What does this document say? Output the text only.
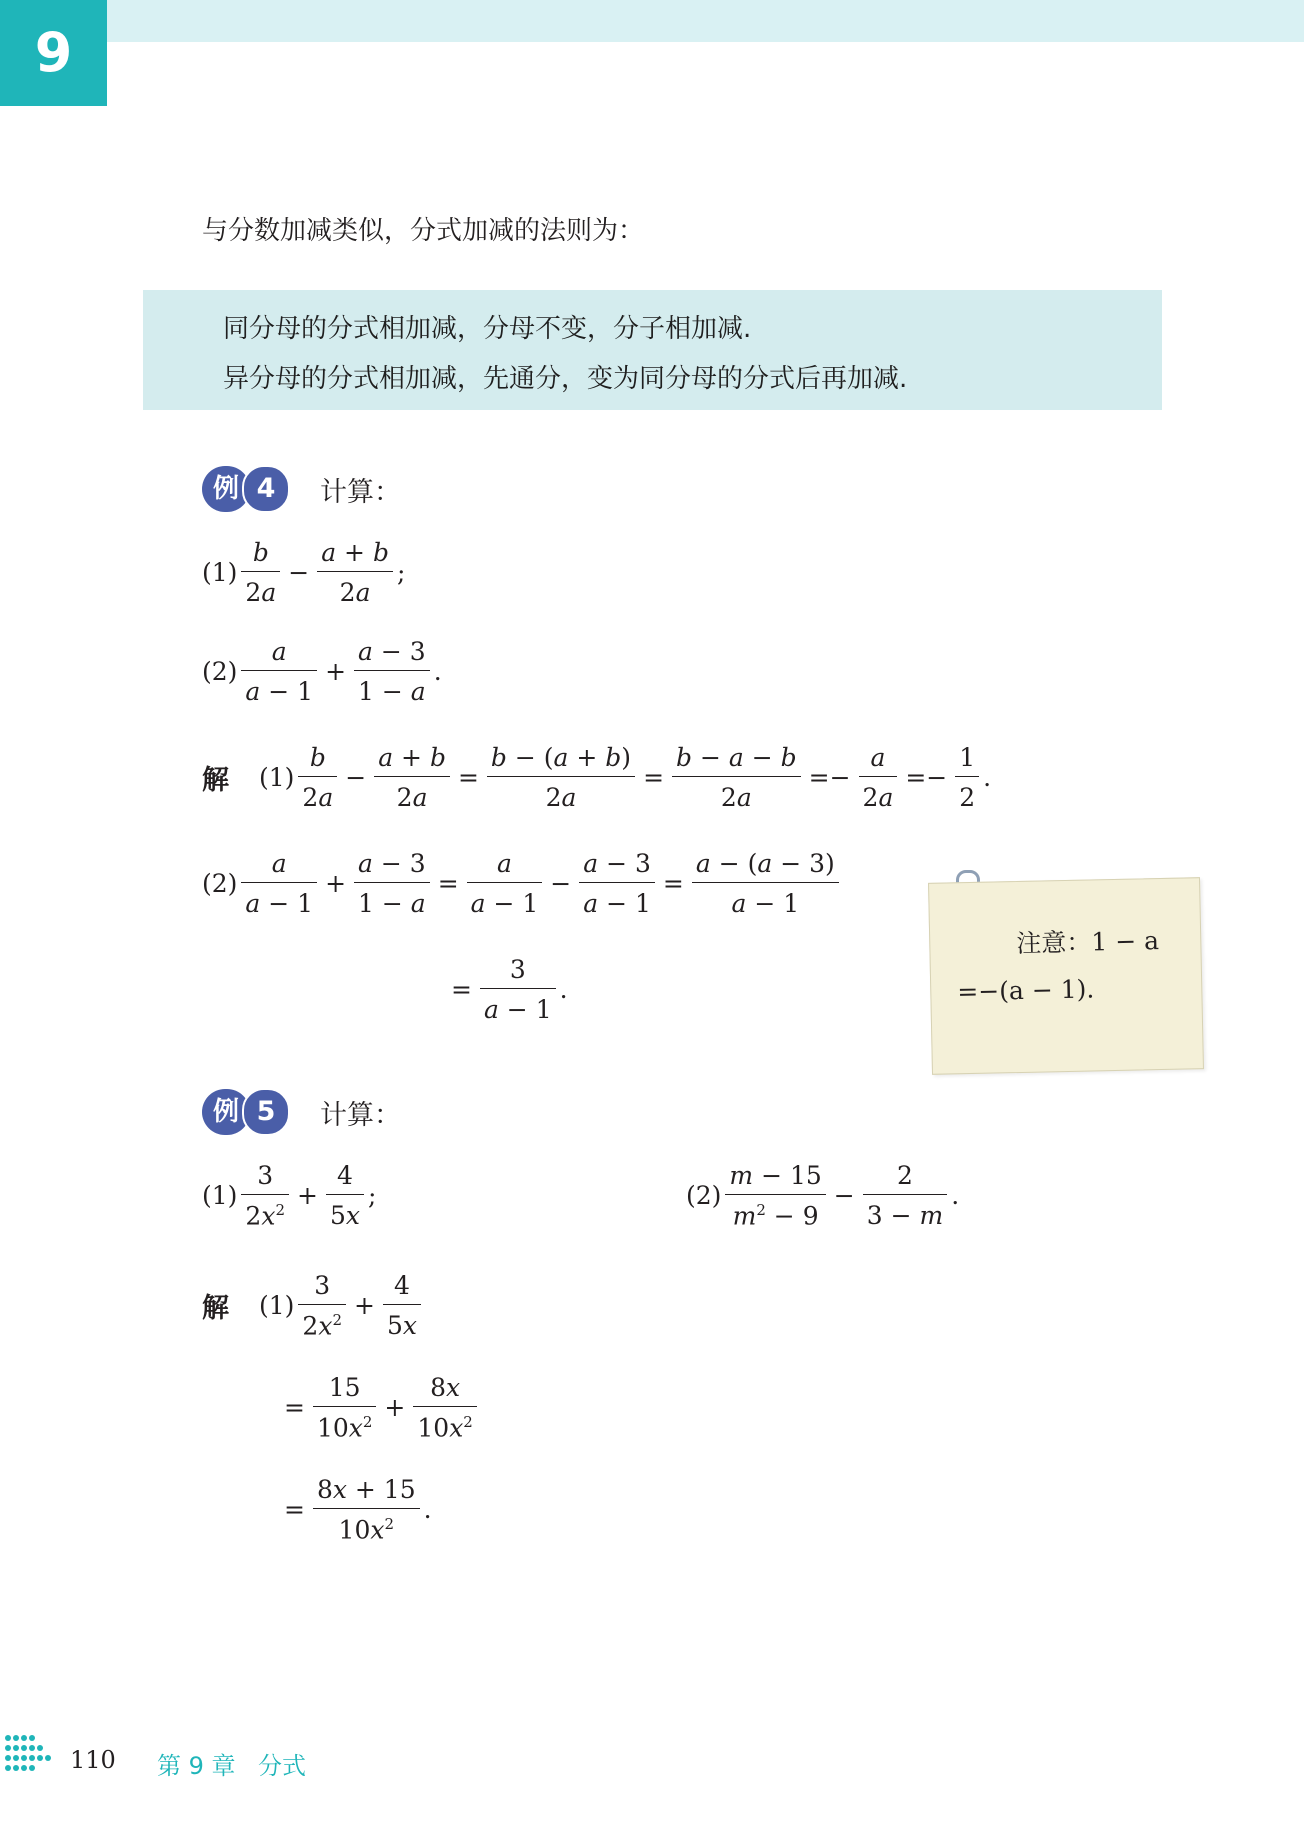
9
与分数加减类似，分式加减的法则为：
同分母的分式相加减，分母不变，分子相加减.
异分母的分式相加减，先通分，变为同分母的分式后再加减.
例 4	计算：
$(1) \frac{b}{2a} - \frac{a + b}{2a}$ ;
$(2) \frac{a}{a - 1} + \frac{a - 3}{1 - a}$ .
解 $(1) \frac{b}{2a} - \frac{a + b}{2a} = \frac{b - (a + b)}{2a} = \frac{b - a - b}{2a} =- \frac{a}{2a} =- \frac{1}{2}$ .
$(2) \frac{a}{a - 1} + \frac{a - 3}{1 - a} = \frac{a}{a - 1} - \frac{a - 3}{a - 1} = \frac{a - (a - 3)}{a - 1}$
= $\frac{3}{a - 1}$ .
注意：1 − a
=−(a − 1).
例 5	计算：
$(1) \frac{3}{2x^2} + \frac{4}{5x}$ ;	$(2) \frac{m - 15}{m^2 - 9} - \frac{2}{3 - m}$ .
解 $(1) \frac{3}{2x^2} + \frac{4}{5x}$
= $\frac{15}{10x^2} + \frac{8x}{10x^2}$
= $\frac{8x + 15}{10x^2}$ .
110 第 9 章 分式
